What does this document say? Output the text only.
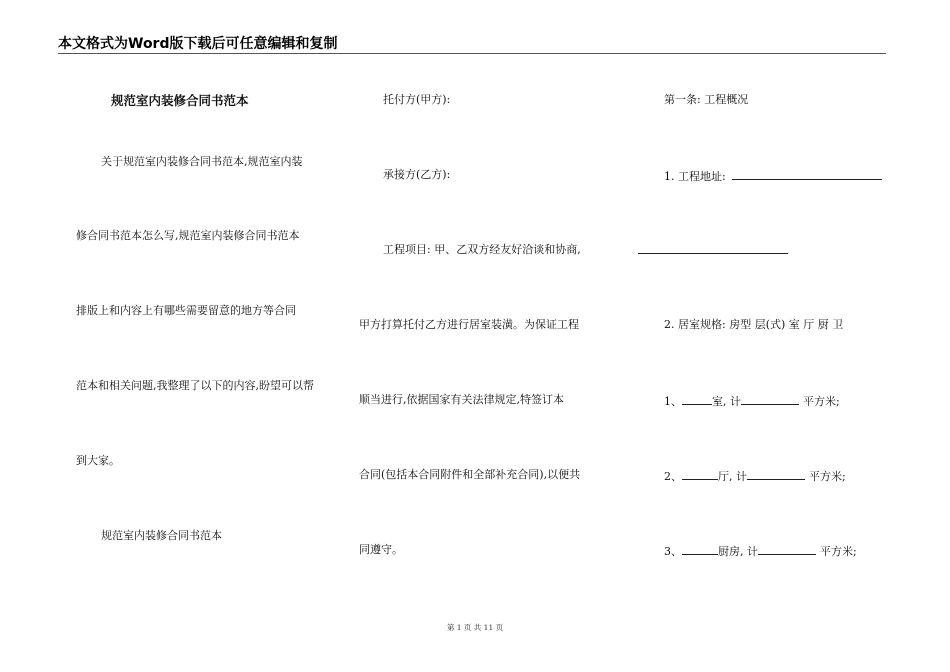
本文格式为Word版下载后可任意编辑和复制
规范室内装修合同书范本
关于规范室内装修合同书范本,规范室内装
修合同书范本怎么写,规范室内装修合同书范本
排版上和内容上有哪些需要留意的地方等合同
范本和相关问题,我整理了以下的内容,盼望可以帮
到大家。
规范室内装修合同书范本
托付方(甲方):
承接方(乙方):
工程项目: 甲、乙双方经友好洽谈和协商,
甲方打算托付乙方进行居室装潢。为保证工程
顺当进行,依据国家有关法律规定,特签订本
合同(包括本合同附件和全部补充合同),以便共
同遵守。
第一条: 工程概况
1. 工程地址:
2. 居室规格: 房型 层(式) 室 厅 厨 卫
1、	室, 计	平方米;
2、	厅, 计	平方米;
3、	厨房, 计	平方米;
第 1 页 共 11 页
